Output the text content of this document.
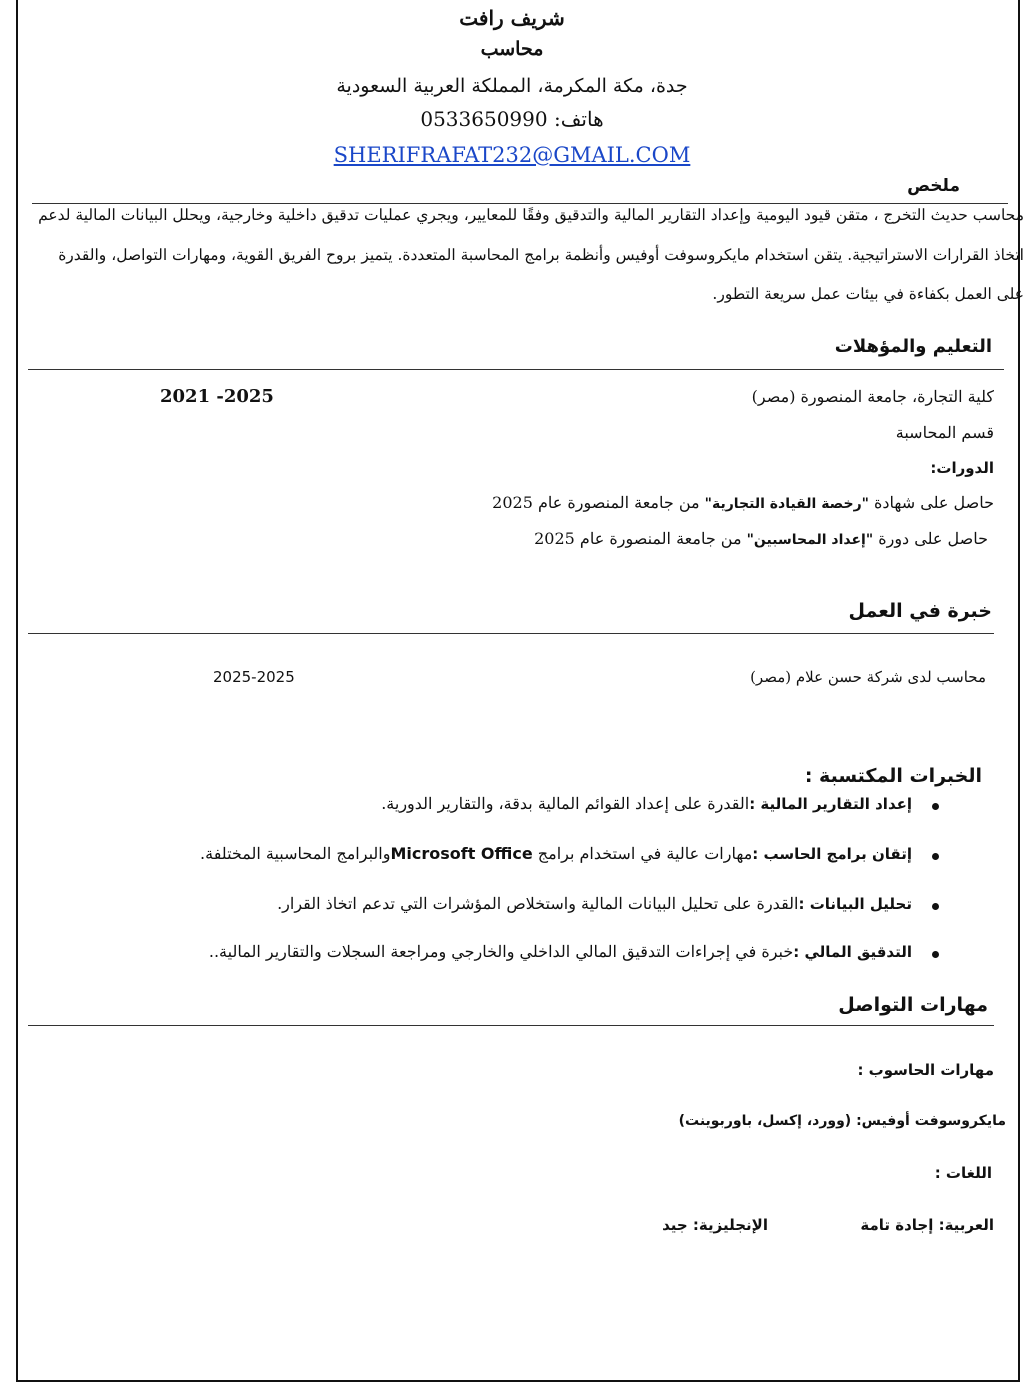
شريف رافت
محاسب
جدة، مكة المكرمة، المملكة العربية السعودية
هاتف: 0533650990
SHERIFRAFAT232@GMAIL.COM
ملخص
محاسب حديث التخرج ، متقن قيود اليومية وإعداد التقارير المالية والتدقيق وفقًا للمعايير، ويجري عمليات تدقيق داخلية وخارجية، ويحلل البيانات المالية لدعم
اتخاذ القرارات الاستراتيجية. يتقن استخدام مايكروسوفت أوفيس وأنظمة برامج المحاسبة المتعددة. يتميز بروح الفريق القوية، ومهارات التواصل، والقدرة
على العمل بكفاءة في بيئات عمل سريعة التطور.
التعليم والمؤهلات
كلية التجارة، جامعة المنصورة (مصر)
2021 -2025
قسم المحاسبة
الدورات:
حاصل على شهادة "رخصة القيادة التجارية" من جامعة المنصورة عام 2025
حاصل على دورة "إعداد المحاسبين" من جامعة المنصورة عام 2025
خبرة في العمل
محاسب لدى شركة حسن علام (مصر)
2025-2025
الخبرات المكتسبة :
إعداد التقارير المالية :القدرة على إعداد القوائم المالية بدقة، والتقارير الدورية.
إتقان برامج الحاسب :مهارات عالية في استخدام برامج Microsoft Officeوالبرامج المحاسبية المختلفة.
تحليل البيانات :القدرة على تحليل البيانات المالية واستخلاص المؤشرات التي تدعم اتخاذ القرار.
التدقيق المالي :خبرة في إجراءات التدقيق المالي الداخلي والخارجي ومراجعة السجلات والتقارير المالية..
مهارات التواصل
مهارات الحاسوب :
مايكروسوفت أوفيس: (وورد، إكسل، باوربوينت)
اللغات :
العربية: إجادة تامة
الإنجليزية: جيد
